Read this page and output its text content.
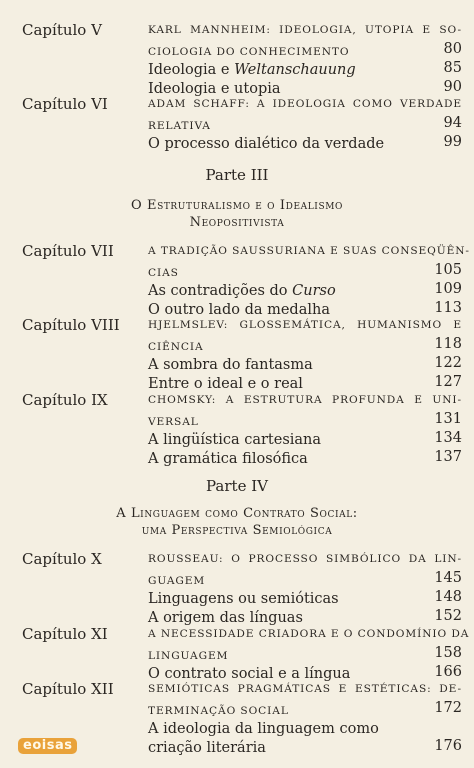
Capítulo V	KARL MANNHEIM: IDEOLOGIA, UTOPIA E SO-
CIOLOGIA DO CONHECIMENTO	80
Ideologia e Weltanschauung	85
Ideologia e utopia	90
Capítulo VI	ADAM SCHAFF: A IDEOLOGIA COMO VERDADE
RELATIVA	94
O processo dialético da verdade	99
Parte III
O Estruturalismo e o Idealismo
Neopositivista
Capítulo VII	A TRADIÇÃO SAUSSURIANA E SUAS CONSEQÜÊN-
CIAS	105
As contradições do Curso	109
O outro lado da medalha	113
Capítulo VIII	HJELMSLEV: GLOSSEMÁTICA, HUMANISMO E
CIÊNCIA	118
A sombra do fantasma	122
Entre o ideal e o real	127
Capítulo IX	CHOMSKY: A ESTRUTURA PROFUNDA E UNI-
VERSAL	131
A lingüística cartesiana	134
A gramática filosófica	137
Parte IV
A Linguagem como Contrato Social:
uma Perspectiva Semiológica
Capítulo X	ROUSSEAU: O PROCESSO SIMBÓLICO DA LIN-
GUAGEM	145
Linguagens ou semióticas	148
A origem das línguas	152
Capítulo XI	A NECESSIDADE CRIADORA E O CONDOMÍNIO DA
LINGUAGEM	158
O contrato social e a língua	166
Capítulo XII	SEMIÓTICAS PRAGMÁTICAS E ESTÉTICAS: DE-
TERMINAÇÃO SOCIAL	172
A ideologia da linguagem como
criação literária	176
eoisas
